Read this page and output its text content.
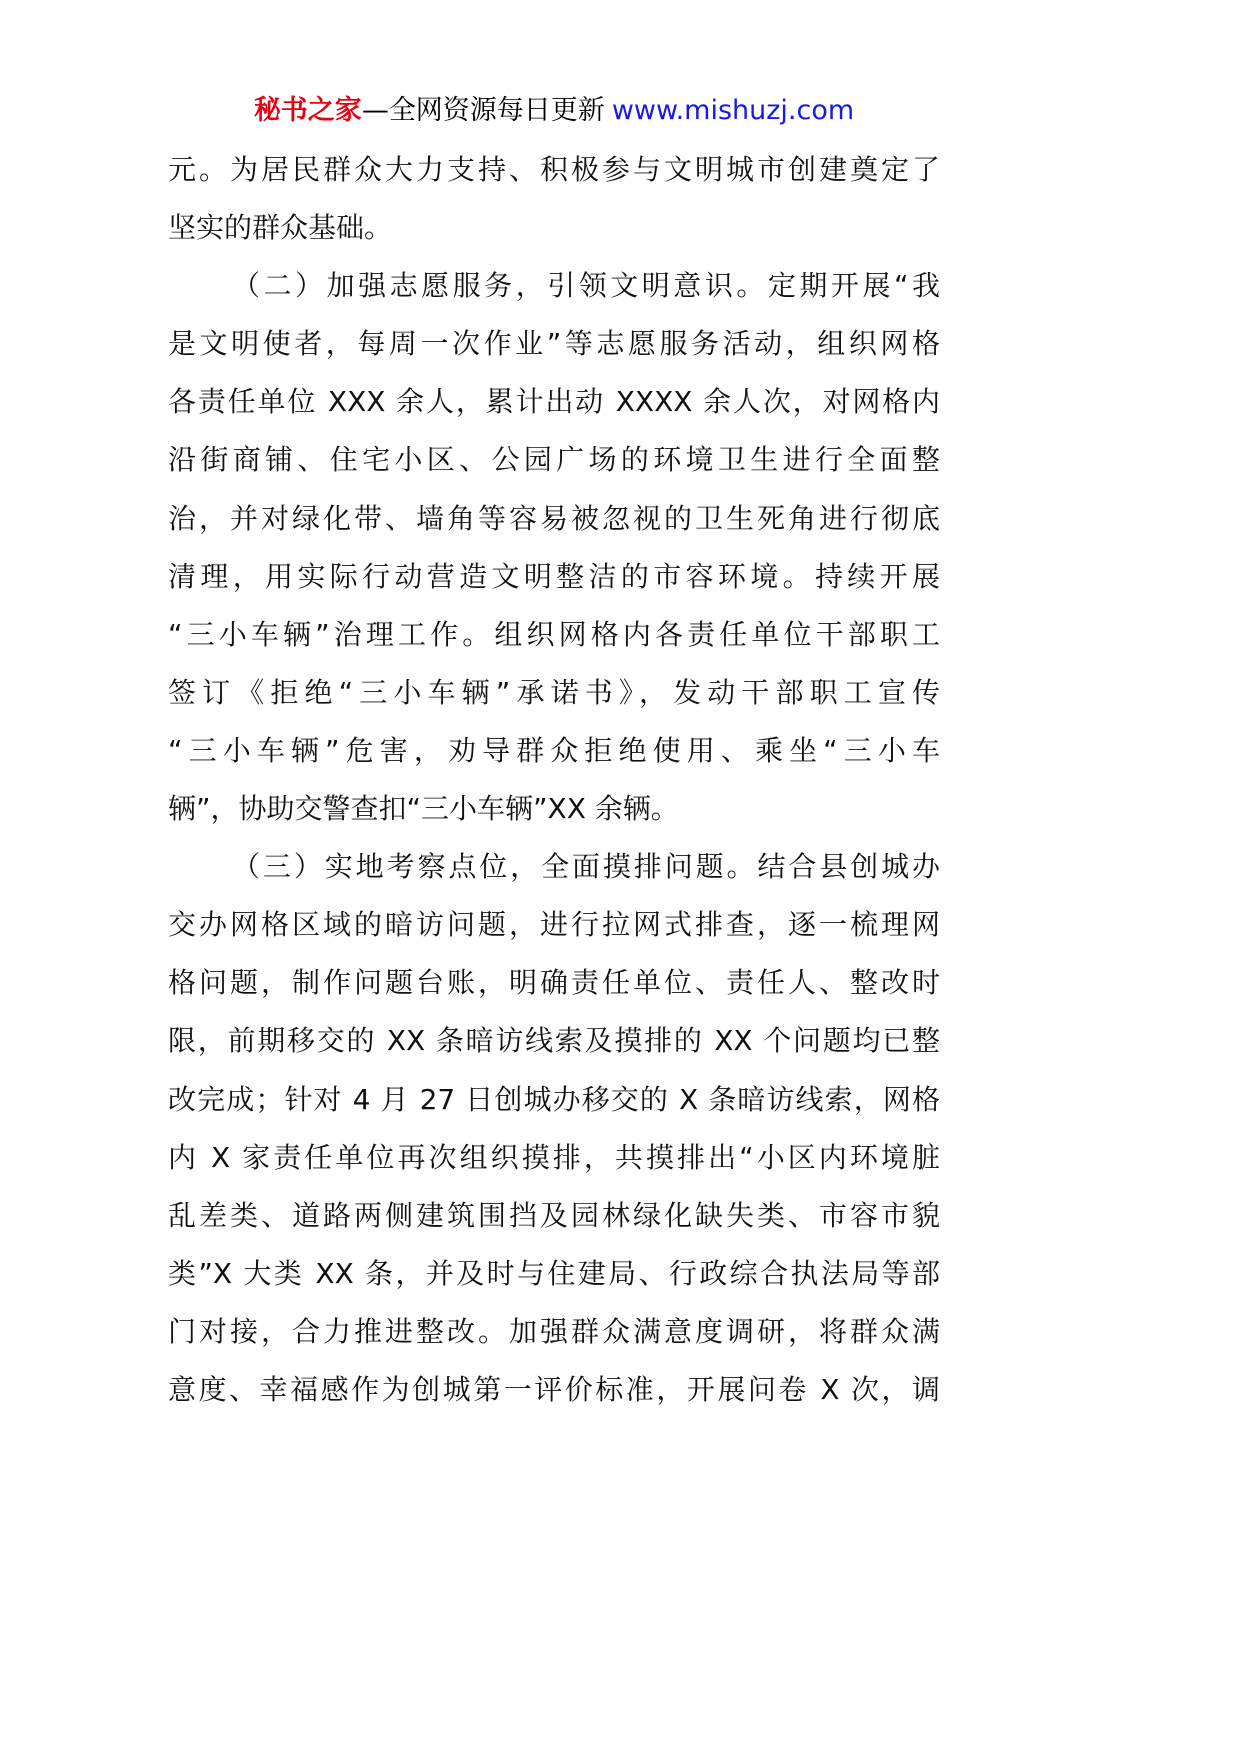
秘书之家—全网资源每日更新 www.mishuzj.com
元。为居民群众大力支持、积极参与文明城市创建奠定了
坚实的群众基础。
（二）加强志愿服务，引领文明意识。定期开展“我
是文明使者，每周一次作业”等志愿服务活动，组织网格
各责任单位 XXX 余人，累计出动 XXXX 余人次，对网格内
沿街商铺、住宅小区、公园广场的环境卫生进行全面整
治，并对绿化带、墙角等容易被忽视的卫生死角进行彻底
清理，用实际行动营造文明整洁的市容环境。持续开展
“三小车辆”治理工作。组织网格内各责任单位干部职工
签订《拒绝“三小车辆”承诺书》，发动干部职工宣传
“三小车辆”危害，劝导群众拒绝使用、乘坐“三小车
辆”，协助交警查扣“三小车辆”XX 余辆。
（三）实地考察点位，全面摸排问题。结合县创城办
交办网格区域的暗访问题，进行拉网式排查，逐一梳理网
格问题，制作问题台账，明确责任单位、责任人、整改时
限，前期移交的 XX 条暗访线索及摸排的 XX 个问题均已整
改完成；针对 4 月 27 日创城办移交的 X 条暗访线索，网格
内 X 家责任单位再次组织摸排，共摸排出“小区内环境脏
乱差类、道路两侧建筑围挡及园林绿化缺失类、市容市貌
类”X 大类 XX 条，并及时与住建局、行政综合执法局等部
门对接，合力推进整改。加强群众满意度调研，将群众满
意度、幸福感作为创城第一评价标准，开展问卷 X 次，调
